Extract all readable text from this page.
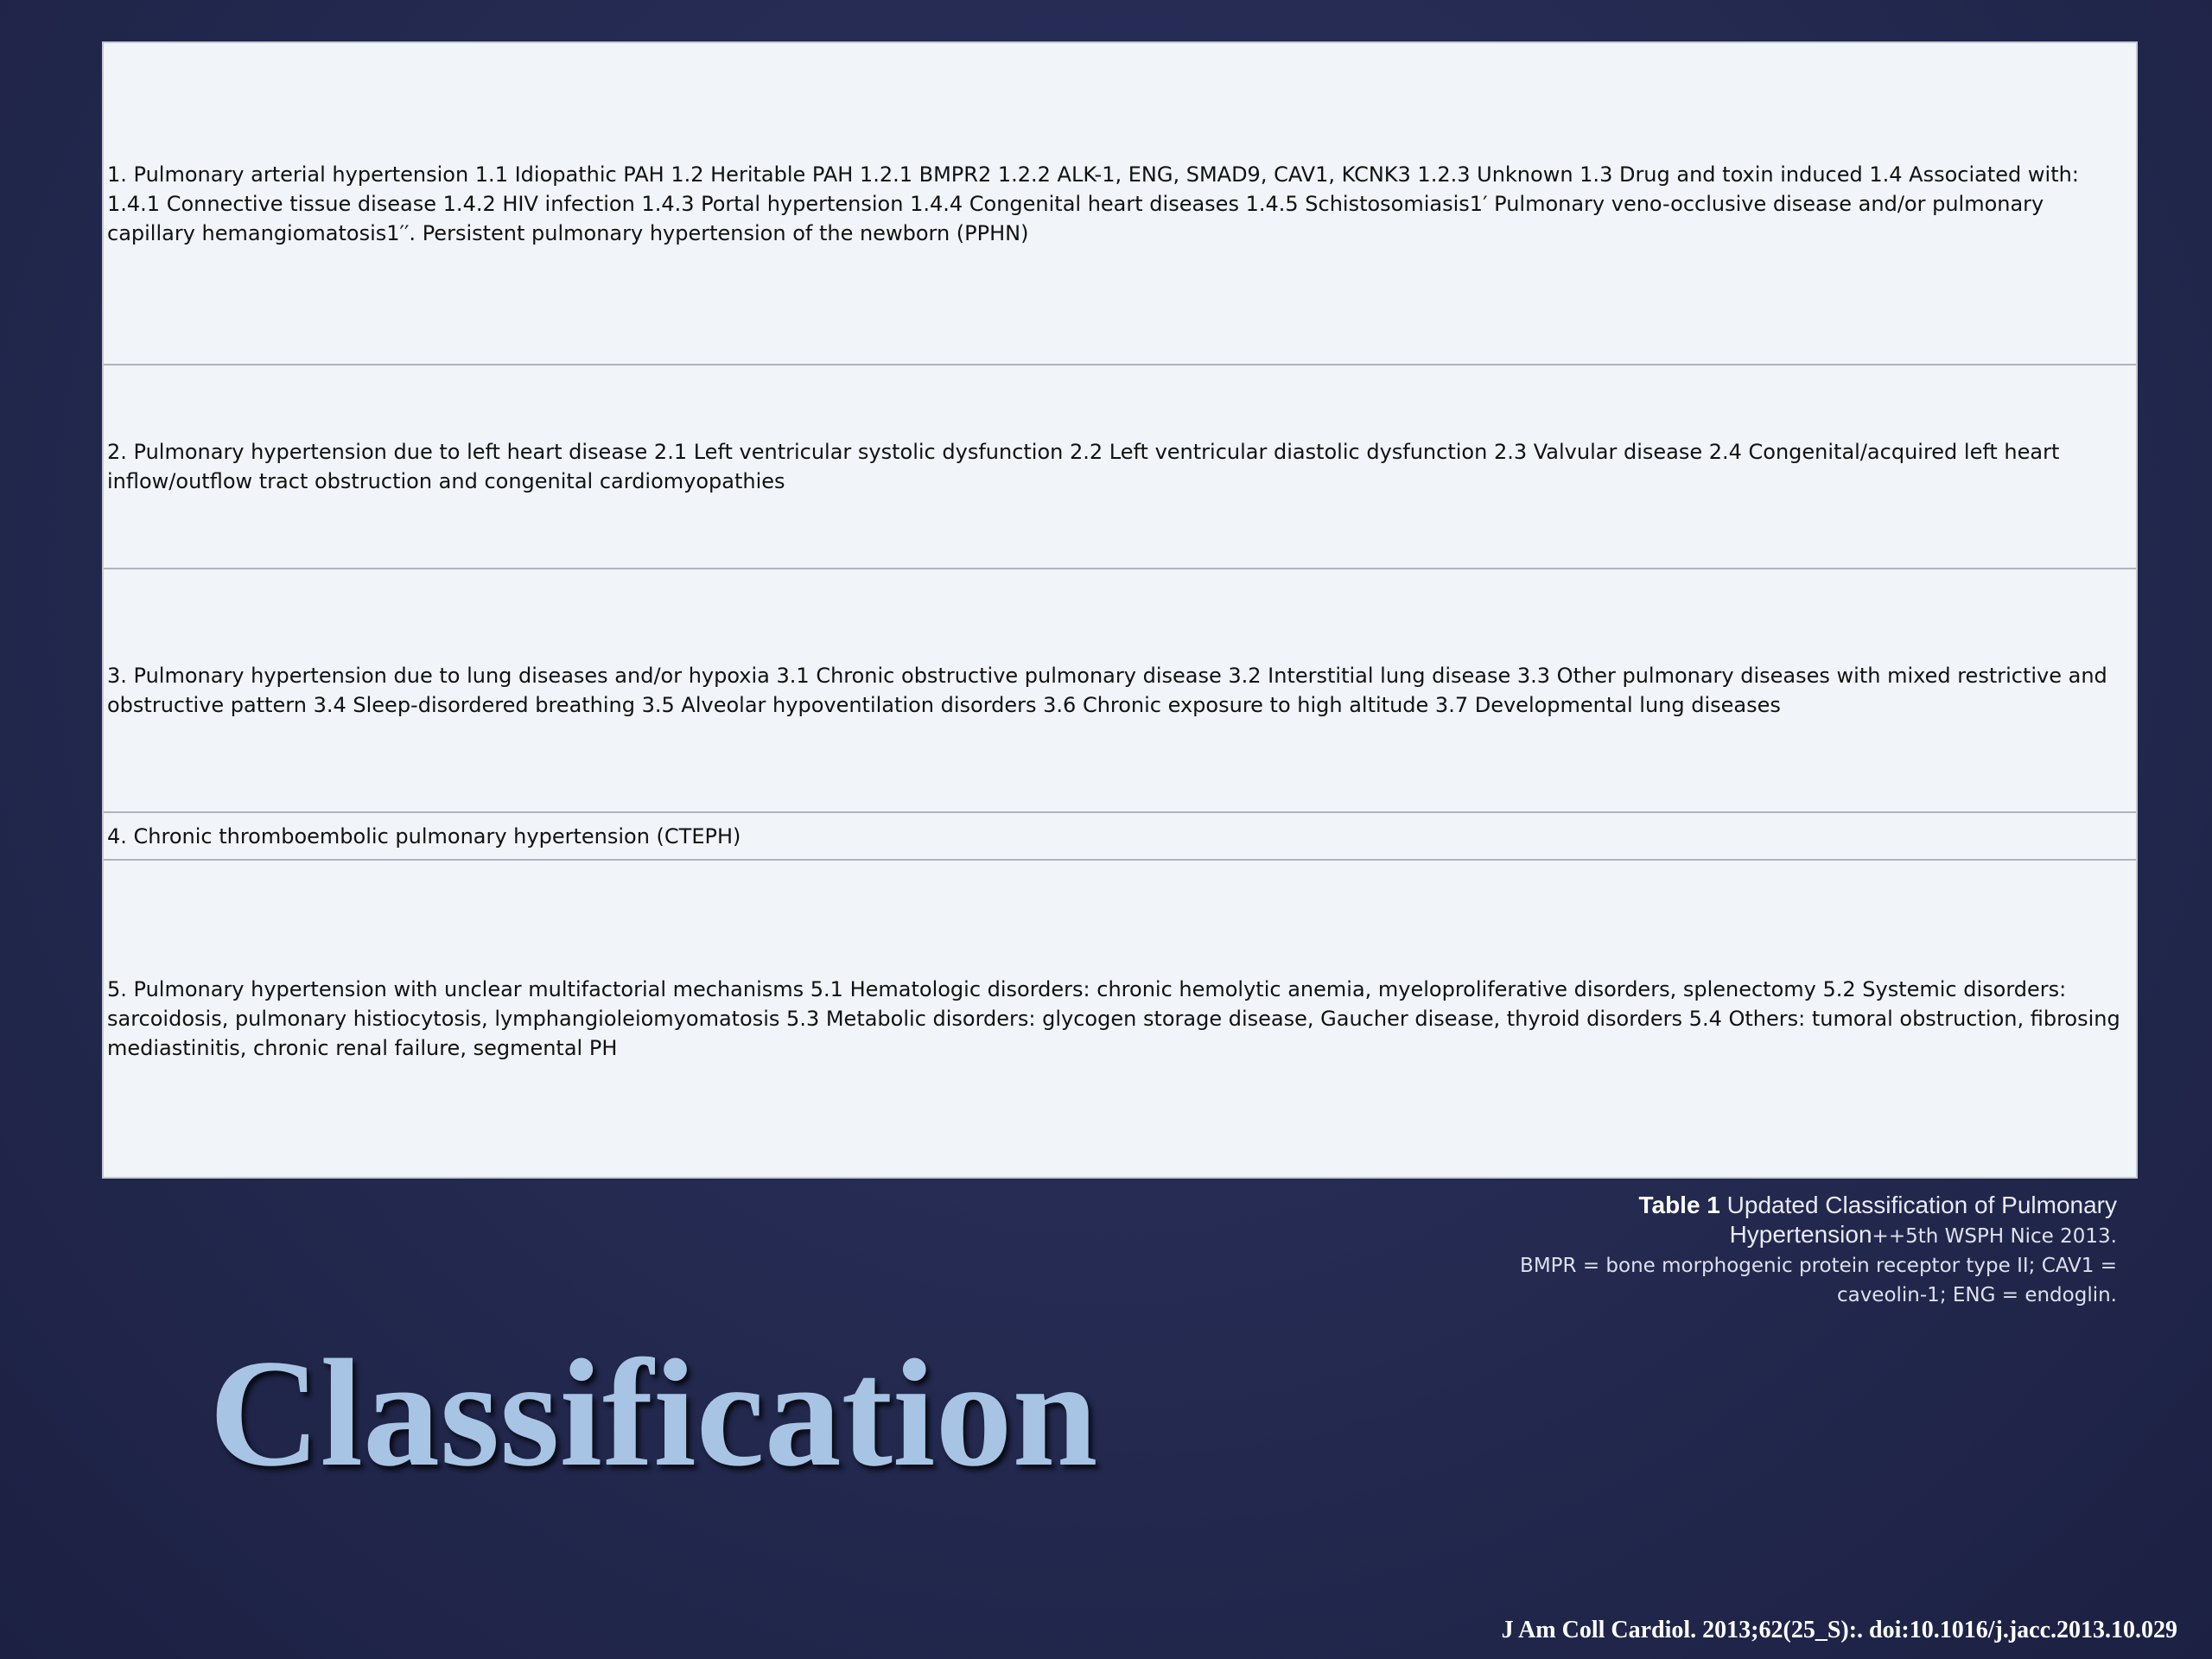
1. Pulmonary arterial hypertension 1.1 Idiopathic PAH 1.2 Heritable PAH 1.2.1 BMPR2 1.2.2 ALK-1, ENG, SMAD9, CAV1, KCNK3 1.2.3 Unknown 1.3 Drug and toxin induced 1.4 Associated with: 1.4.1 Connective tissue disease 1.4.2 HIV infection 1.4.3 Portal hypertension 1.4.4 Congenital heart diseases 1.4.5 Schistosomiasis1′ Pulmonary veno-occlusive disease and/or pulmonary capillary hemangiomatosis1′′. Persistent pulmonary hypertension of the newborn (PPHN)

2. Pulmonary hypertension due to left heart disease 2.1 Left ventricular systolic dysfunction 2.2 Left ventricular diastolic dysfunction 2.3 Valvular disease 2.4 Congenital/acquired left heart inflow/outflow tract obstruction and congenital cardiomyopathies

3. Pulmonary hypertension due to lung diseases and/or hypoxia 3.1 Chronic obstructive pulmonary disease 3.2 Interstitial lung disease 3.3 Other pulmonary diseases with mixed restrictive and obstructive pattern 3.4 Sleep-disordered breathing 3.5 Alveolar hypoventilation disorders 3.6 Chronic exposure to high altitude 3.7 Developmental lung diseases

4. Chronic thromboembolic pulmonary hypertension (CTEPH)

5. Pulmonary hypertension with unclear multifactorial mechanisms 5.1 Hematologic disorders: chronic hemolytic anemia, myeloproliferative disorders, splenectomy 5.2 Systemic disorders: sarcoidosis, pulmonary histiocytosis, lymphangioleiomyomatosis 5.3 Metabolic disorders: glycogen storage disease, Gaucher disease, thyroid disorders 5.4 Others: tumoral obstruction, fibrosing mediastinitis, chronic renal failure, segmental PH

Table 1 Updated Classification of Pulmonary Hypertension++5th WSPH Nice 2013.
BMPR = bone morphogenic protein receptor type II; CAV1 = caveolin-1; ENG = endoglin.
Classification
J Am Coll Cardiol. 2013;62(25_S):. doi:10.1016/j.jacc.2013.10.029
